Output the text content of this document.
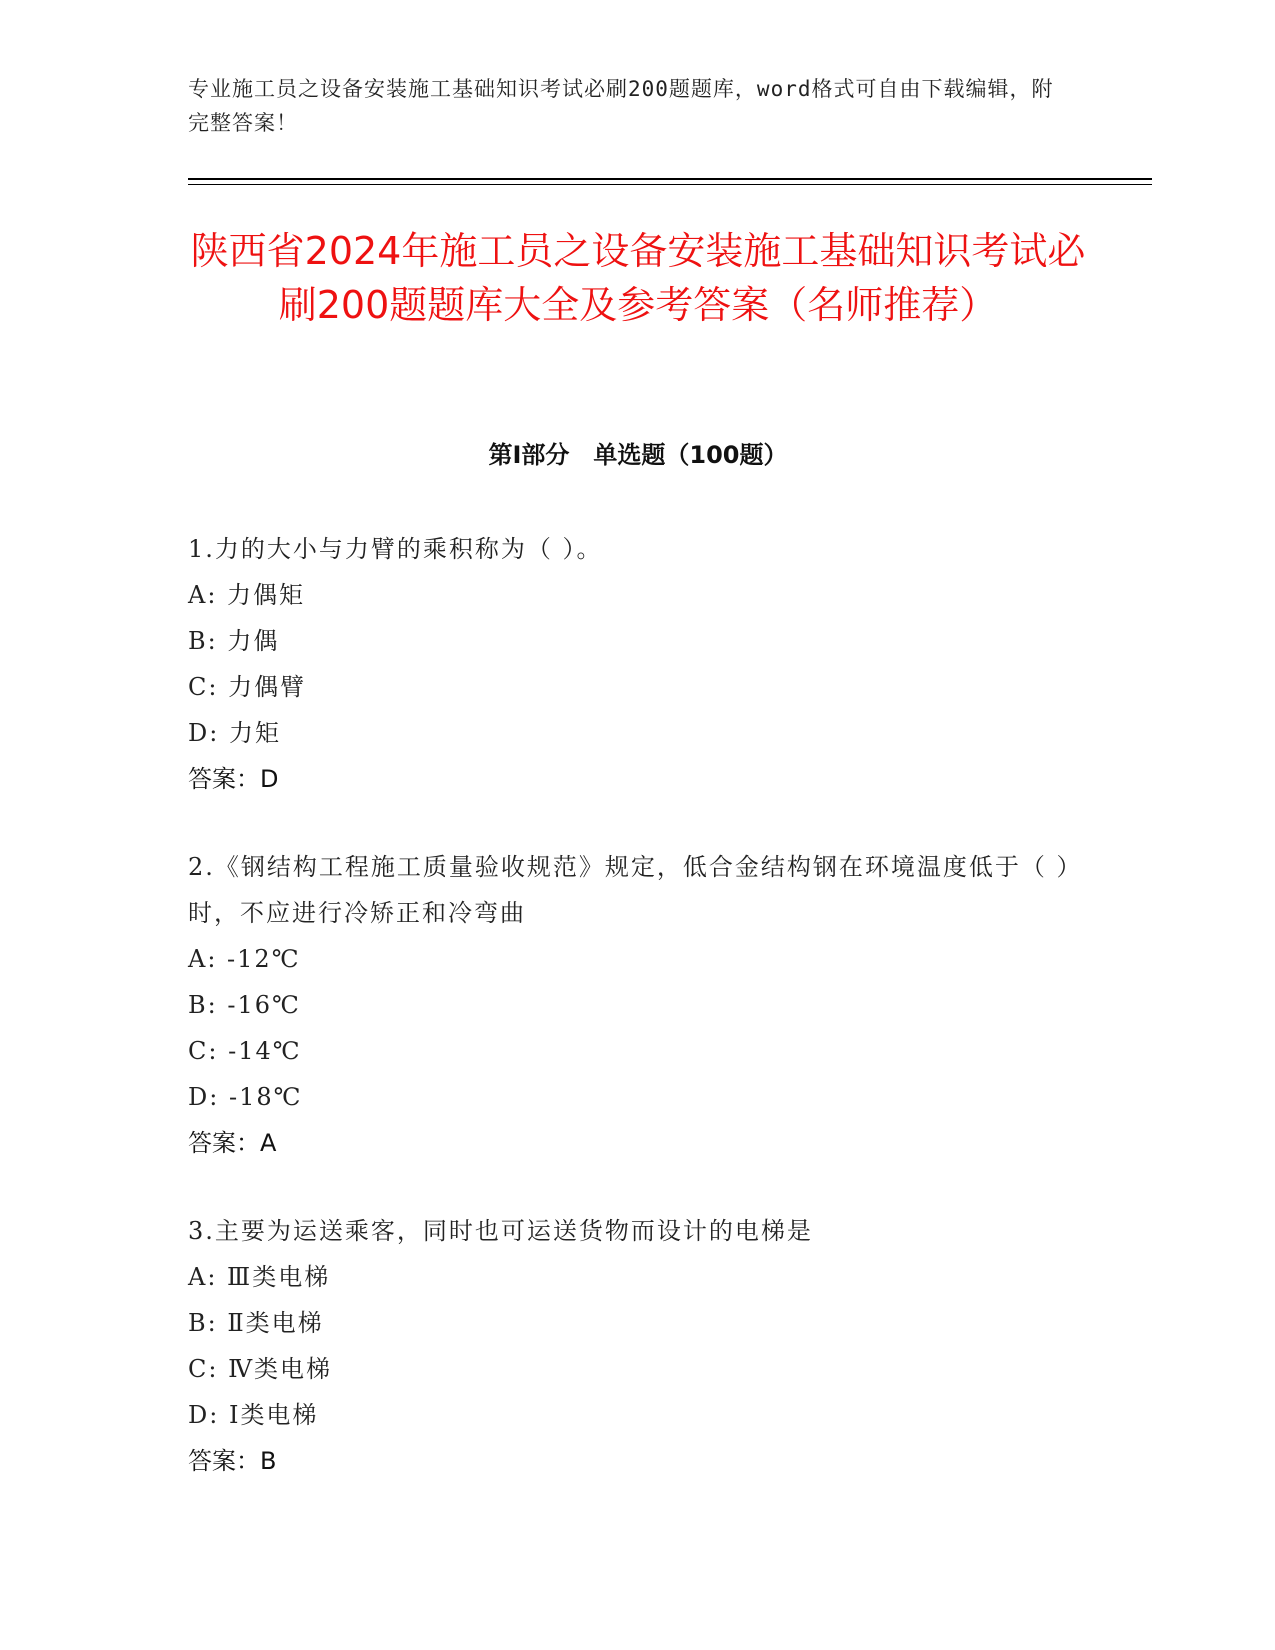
专业施工员之设备安装施工基础知识考试必刷200题题库，word格式可自由下载编辑，附完整答案！
陕西省2024年施工员之设备安装施工基础知识考试必刷200题题库大全及参考答案（名师推荐）
第I部分　单选题（100题）
1.力的大小与力臂的乘积称为（ ）。
A: 力偶矩
B: 力偶
C: 力偶臂
D: 力矩
答案：D
2.《钢结构工程施工质量验收规范》规定，低合金结构钢在环境温度低于（ ）时，不应进行冷矫正和冷弯曲
A: -12℃
B: -16℃
C: -14℃
D: -18℃
答案：A
3.主要为运送乘客，同时也可运送货物而设计的电梯是
A: Ⅲ类电梯
B: Ⅱ类电梯
C: Ⅳ类电梯
D: Ⅰ类电梯
答案：B
